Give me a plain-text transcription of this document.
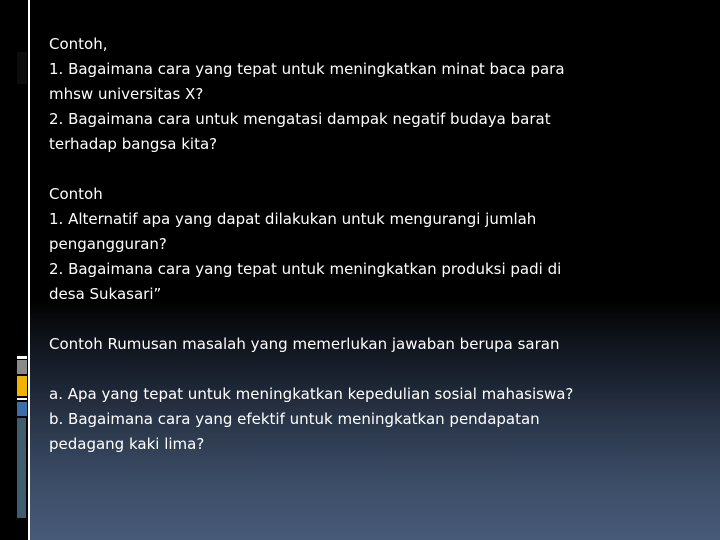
Contoh,

1. Bagaimana cara yang tepat untuk meningkatkan minat baca para

mhsw universitas X?

2. Bagaimana cara untuk mengatasi dampak negatif budaya barat

terhadap bangsa kita?

Contoh

1. Alternatif apa yang dapat dilakukan untuk mengurangi jumlah

pengangguran?

2. Bagaimana cara yang tepat untuk meningkatkan produksi padi di

desa Sukasari”

Contoh Rumusan masalah yang memerlukan jawaban berupa saran

a. Apa yang tepat untuk meningkatkan kepedulian sosial mahasiswa?

b. Bagaimana cara yang efektif untuk meningkatkan pendapatan

pedagang kaki lima?
